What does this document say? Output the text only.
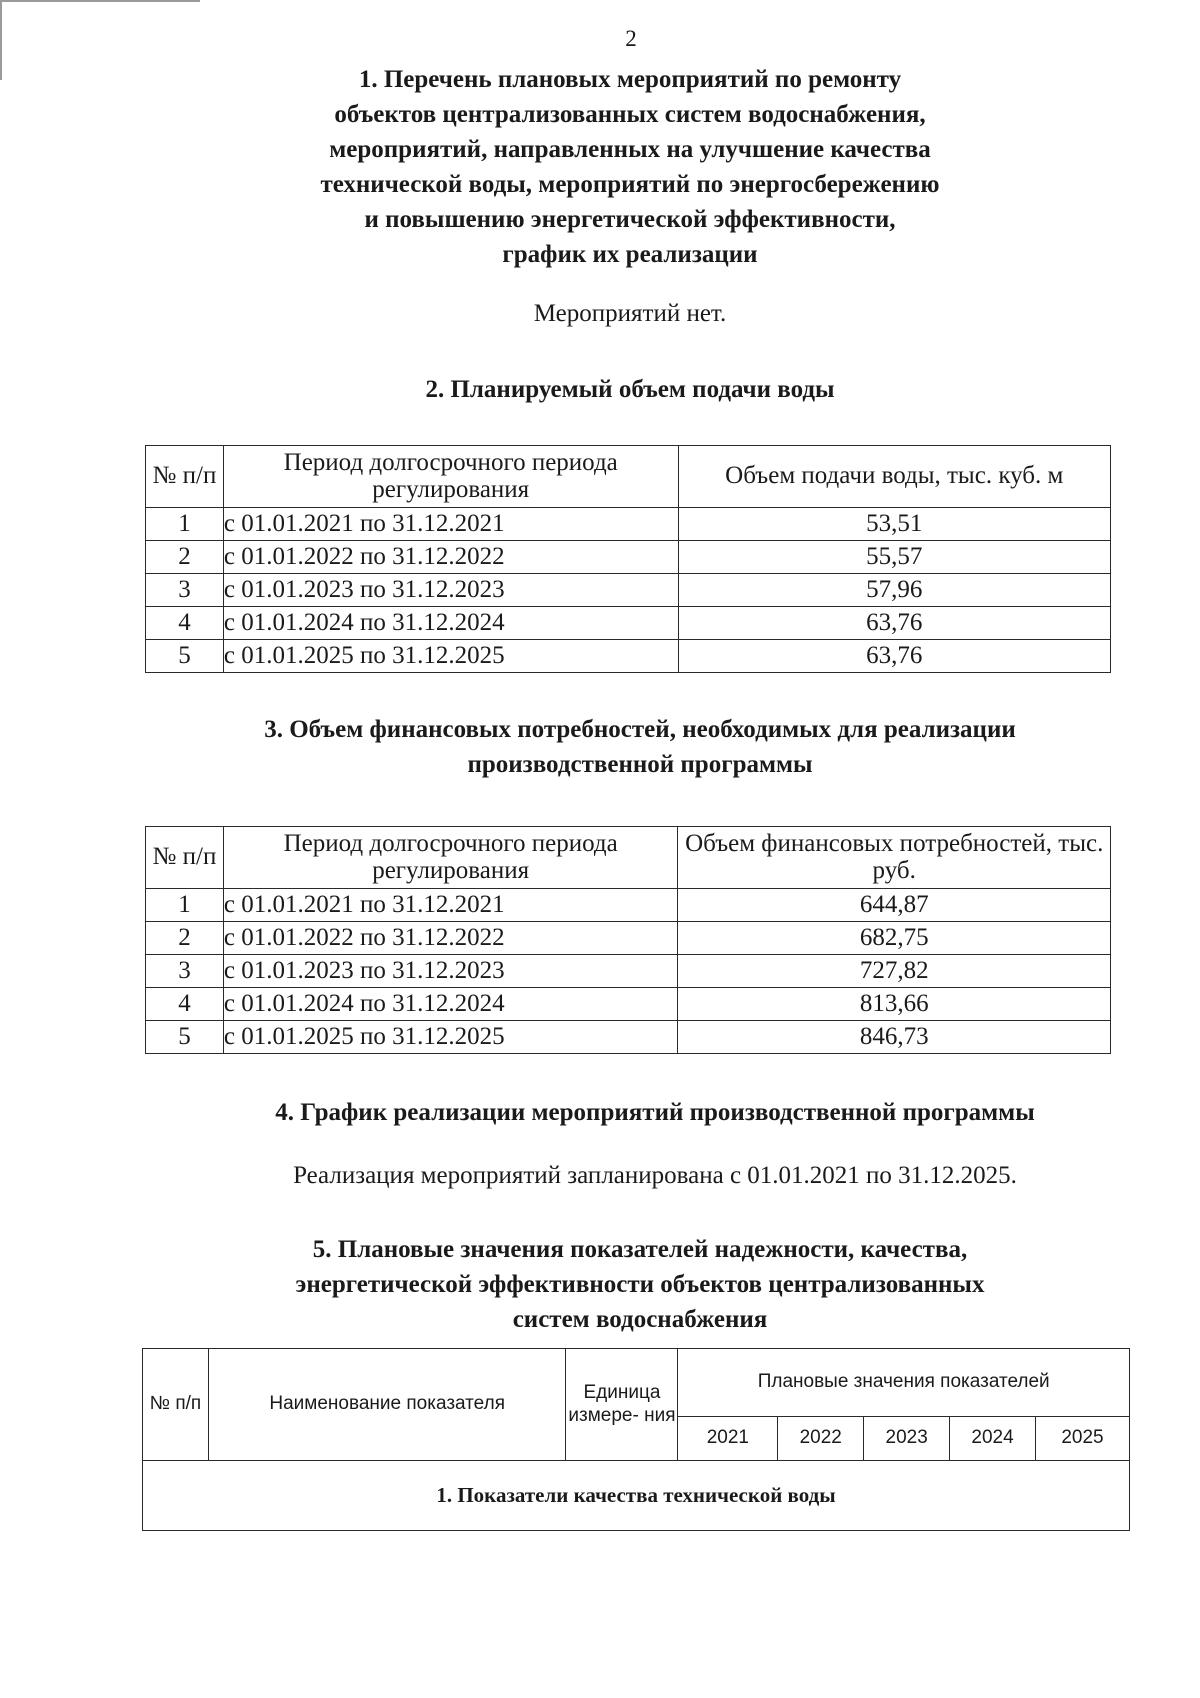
2
1. Перечень плановых мероприятий по ремонту
объектов централизованных систем водоснабжения,
мероприятий, направленных на улучшение качества
технической воды, мероприятий по энергосбережению
и повышению энергетической эффективности,
график их реализации
Мероприятий нет.
2. Планируемый объем подачи воды
№ п/п	Период долгосрочного периода регулирования	Объем подачи воды, тыс. куб. м
1	с 01.01.2021 по 31.12.2021	53,51
2	с 01.01.2022 по 31.12.2022	55,57
3	с 01.01.2023 по 31.12.2023	57,96
4	с 01.01.2024 по 31.12.2024	63,76
5	с 01.01.2025 по 31.12.2025	63,76
3. Объем финансовых потребностей, необходимых для реализации
производственной программы
№ п/п	Период долгосрочного периода регулирования	Объем финансовых потребностей, тыс. руб.
1	с 01.01.2021 по 31.12.2021	644,87
2	с 01.01.2022 по 31.12.2022	682,75
3	с 01.01.2023 по 31.12.2023	727,82
4	с 01.01.2024 по 31.12.2024	813,66
5	с 01.01.2025 по 31.12.2025	846,73
4. График реализации мероприятий производственной программы
Реализация мероприятий запланирована с 01.01.2021 по 31.12.2025.
5. Плановые значения показателей надежности, качества,
энергетической эффективности объектов централизованных
систем водоснабжения
№ п/п	Наименование показателя	Единица измере- ния	Плановые значения показателей				
			2021	2022	2023	2024	2025
1. Показатели качества технической воды							
